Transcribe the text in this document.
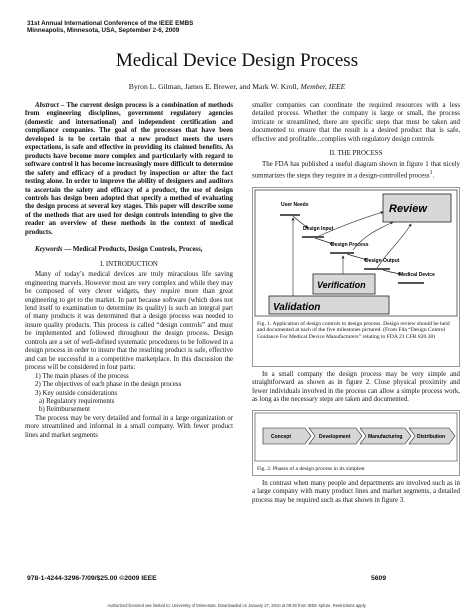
31st Annual International Conference of the IEEE EMBS
Minneapolis, Minnesota, USA, September 2-6, 2009
Medical Device Design Process
Byron L. Gilman, James E. Brewer, and Mark W. Kroll, Member, IEEE

Abstract – The current design process is a combination of methods from engineering disciplines, government regulatory agencies (domestic and international) and independent certification and compliance companies. The goal of the processes that have been developed is to be certain that a new product meets the users expectations, is safe and effective in providing its claimed benefits. As products have become more complex and particularly with regard to software control it has become increasingly more difficult to determine the safety and efficacy of a product by inspection or after the fact testing alone. In order to improve the ability of designers and auditors to ascertain the safety and efficacy of a product, the use of design controls has design been adopted that specify a method of evaluating the design process at several key stages. This paper will describe some of the methods that are used for design controls intending to give the reader an overview of these methods in the context of medical products.

Keywords — Medical Products, Design Controls, Process,

I. INTRODUCTION

Many of today’s medical devices are truly miraculous life saving engineering marvels. However most are very complex and while they may be composed of very clever widgets, they require more than great engineering to get to the market. In part because software (which does not lend itself to examination to determine its quality) is such an integral part of many products it was determined that a design process was needed to insure quality products. This process is called “design controls” and must be implemented and followed throughout the design process. Design controls are a set of well-defined systematic procedures to be followed in a design process in order to insure that the resulting product is safe, effective and can be successful in a competitive marketplace. In this discussion the process will be considered in four parts:

1) The main phases of the process
2) The objectives of each phase in the design process
3) Key outside considerations
a) Regulatory requirements
b) Reimbursement

The process may be very detailed and formal in a large organization or more streamlined and informal in a small company. With fewer product lines and market segments

smaller companies can coordinate the required resources with a less detailed process. Whether the company is large or small, the process intricate or streamlined, there are specific steps that must be taken and documented to ensure that the result is a desired product that is safe, effective and profitable...complies with regulatory design controls

II. THE PROCESS

The FDA has published a useful diagram shown in figure 1 that nicely summarizes the steps they require in a design-controlled process$^1$.

Review
User Needs
Design Input
Design Process
Design Output
Medical Device
Verification
Validation
Fig. 1. Application of design controls to design process. Design review should be held and documented at each of the five milestones pictured. (From Fda “Design Control Guidance For Medical Device Manufacturers” relating to FDA 21 CFR 820.30)

In a small company the design process may be very simple and straightforward as shown as in figure 2. Close physical proximity and fewer individuals involved in the process can allow a simple process work, as long as the necessary steps are taken and documented.

Concept	Development	Manufacturing	Distribution
Fig. 2. Phases of a design process in its simplest

In contrast when many people and departments are involved such as in a large company with many product lines and market segments, a detailed process may be required such as that shown in figure 3.

978-1-4244-3296-7/09/$25.00 ©2009 IEEE	5609
Authorized licensed use limited to: University of Minnesota. Downloaded on January 27, 2010 at 09:29 from IEEE Xplore. Restrictions apply.
